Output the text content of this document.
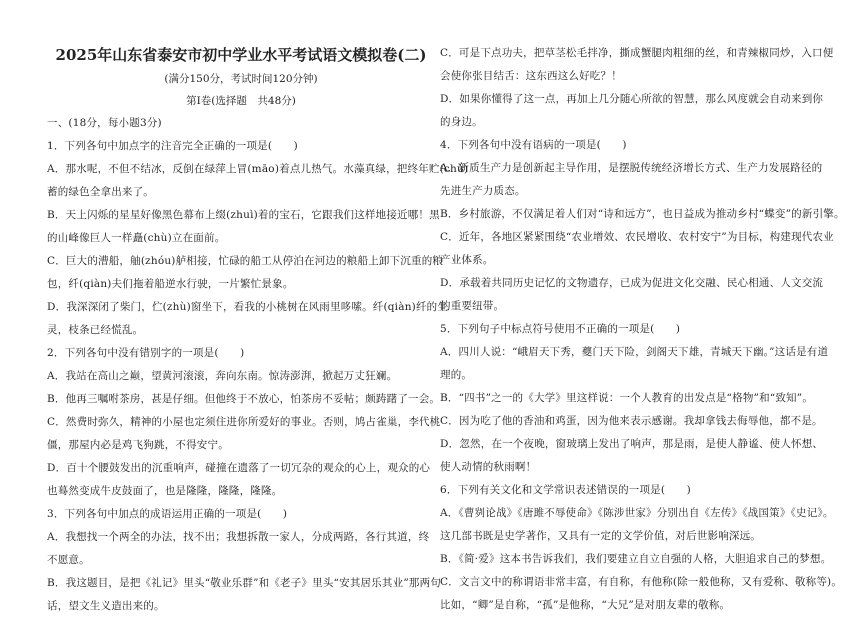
2025年山东省泰安市初中学业水平考试语文模拟卷(二)
(满分150分，考试时间120分钟)
第Ⅰ卷(选择题　共48分)
一、(18分，每小题3分)
1．下列各句中加点字的注音完全正确的一项是(　　)
A．那水呢，不但不结冰，反倒在绿萍上冒(māo)着点儿热气。水藻真绿，把终年贮(chǔ)
蓄的绿色全拿出来了。
B．天上闪烁的星星好像黑色幕布上缀(zhuì)着的宝石，它跟我们这样地接近哪！黑
的山峰像巨人一样矗(chù)立在面前。
C．巨大的漕船，舳(zhóu)舻相接，忙碌的船工从停泊在河边的粮船上卸下沉重的粮
包，纤(qiàn)夫们拖着船逆水行驶，一片繁忙景象。
D．我深深闭了柴门，伫(zhù)窗坐下，看我的小桃树在风雨里哆嗦。纤(qiàn)纤的生
灵，枝条已经慌乱。
2．下列各句中没有错别字的一项是(　　)
A．我站在高山之巅，望黄河滚滚，奔向东南。惊涛澎湃，掀起万丈狂斓。
B．他再三嘱咐茶房，甚是仔细。但他终于不放心，怕茶房不妥帖；颇踌躇了一会。
C．然费时弥久，精神的小屋也定须住进你所爱好的事业。否则，鸠占雀巢，李代桃
僵，那屋内必是鸡飞狗跳，不得安宁。
D．百十个腰鼓发出的沉重响声，碰撞在遗落了一切冗杂的观众的心上，观众的心
也蓦然变成牛皮鼓面了，也是隆隆，隆隆，隆隆。
3．下列各句中加点的成语运用正确的一项是(　　)
A．我想找一个两全的办法，找不出；我想拆散一家人，分成两路，各行其道，终
不愿意。
B．我这题目，是把《礼记》里头“敬业乐群”和《老子》里头“安其居乐其业”那两句
话，望文生义造出来的。
C．可是下点功夫，把草茎松毛拌净，撕成蟹腿肉粗细的丝，和青辣椒同炒，入口便
会使你张目结舌：这东西这么好吃？！
D．如果你懂得了这一点，再加上几分随心所欲的智慧，那么风度就会自动来到你
的身边。
4．下列各句中没有语病的一项是(　　)
A．新质生产力是创新起主导作用，是摆脱传统经济增长方式、生产力发展路径的
先进生产力质态。
B．乡村旅游，不仅满足着人们对“诗和远方”，也日益成为推动乡村“蝶变”的新引擎。
C．近年，各地区紧紧围绕“农业增效、农民增收、农村安宁”为目标，构建现代农业
产业体系。
D．承载着共同历史记忆的文物遗存，已成为促进文化交融、民心相通、人文交流
的重要纽带。
5．下列句子中标点符号使用不正确的一项是(　　)
A．四川人说：“峨眉天下秀，夔门天下险，剑阁天下雄，青城天下幽。”这话是有道
理的。
B．“四书”之一的《大学》里这样说：一个人教育的出发点是“格物”和“致知”。
C．因为吃了他的香油和鸡蛋，因为他来表示感谢。我却拿钱去侮辱他，都不是。
D．忽然，在一个夜晚，窗玻璃上发出了响声，那是雨，是使人静谧、使人怀想、
使人动情的秋雨啊！
6．下列有关文化和文学常识表述错误的一项是(　　)
A．《曹刿论战》《唐雎不辱使命》《陈涉世家》分别出自《左传》《战国策》《史记》。
这几部书既是史学著作，又具有一定的文学价值，对后世影响深远。
B．《简·爱》这本书告诉我们，我们要建立自立自强的人格，大胆追求自己的梦想。
C．文言文中的称谓语非常丰富，有自称，有他称(除一般他称，又有爱称、敬称等)。
比如，“卿”是自称，“孤”是他称，“大兄”是对朋友辈的敬称。
